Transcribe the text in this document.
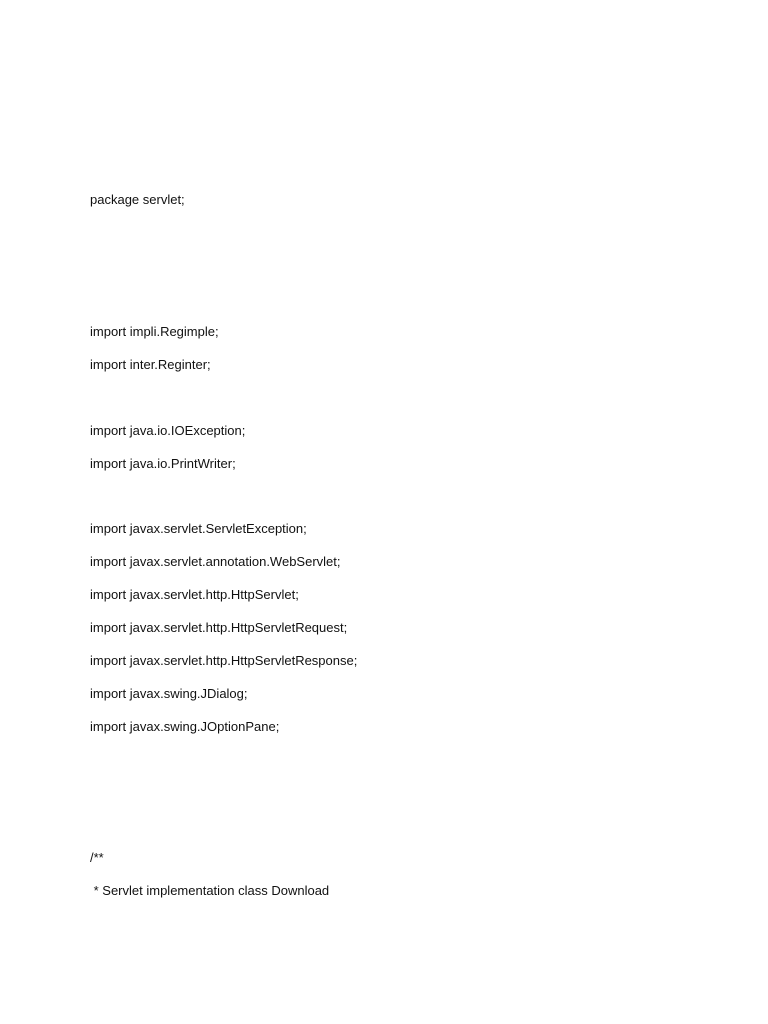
package servlet;
import impli.Regimple;
import inter.Reginter;
import java.io.IOException;
import java.io.PrintWriter;
import javax.servlet.ServletException;
import javax.servlet.annotation.WebServlet;
import javax.servlet.http.HttpServlet;
import javax.servlet.http.HttpServletRequest;
import javax.servlet.http.HttpServletResponse;
import javax.swing.JDialog;
import javax.swing.JOptionPane;
/**
* Servlet implementation class Download
